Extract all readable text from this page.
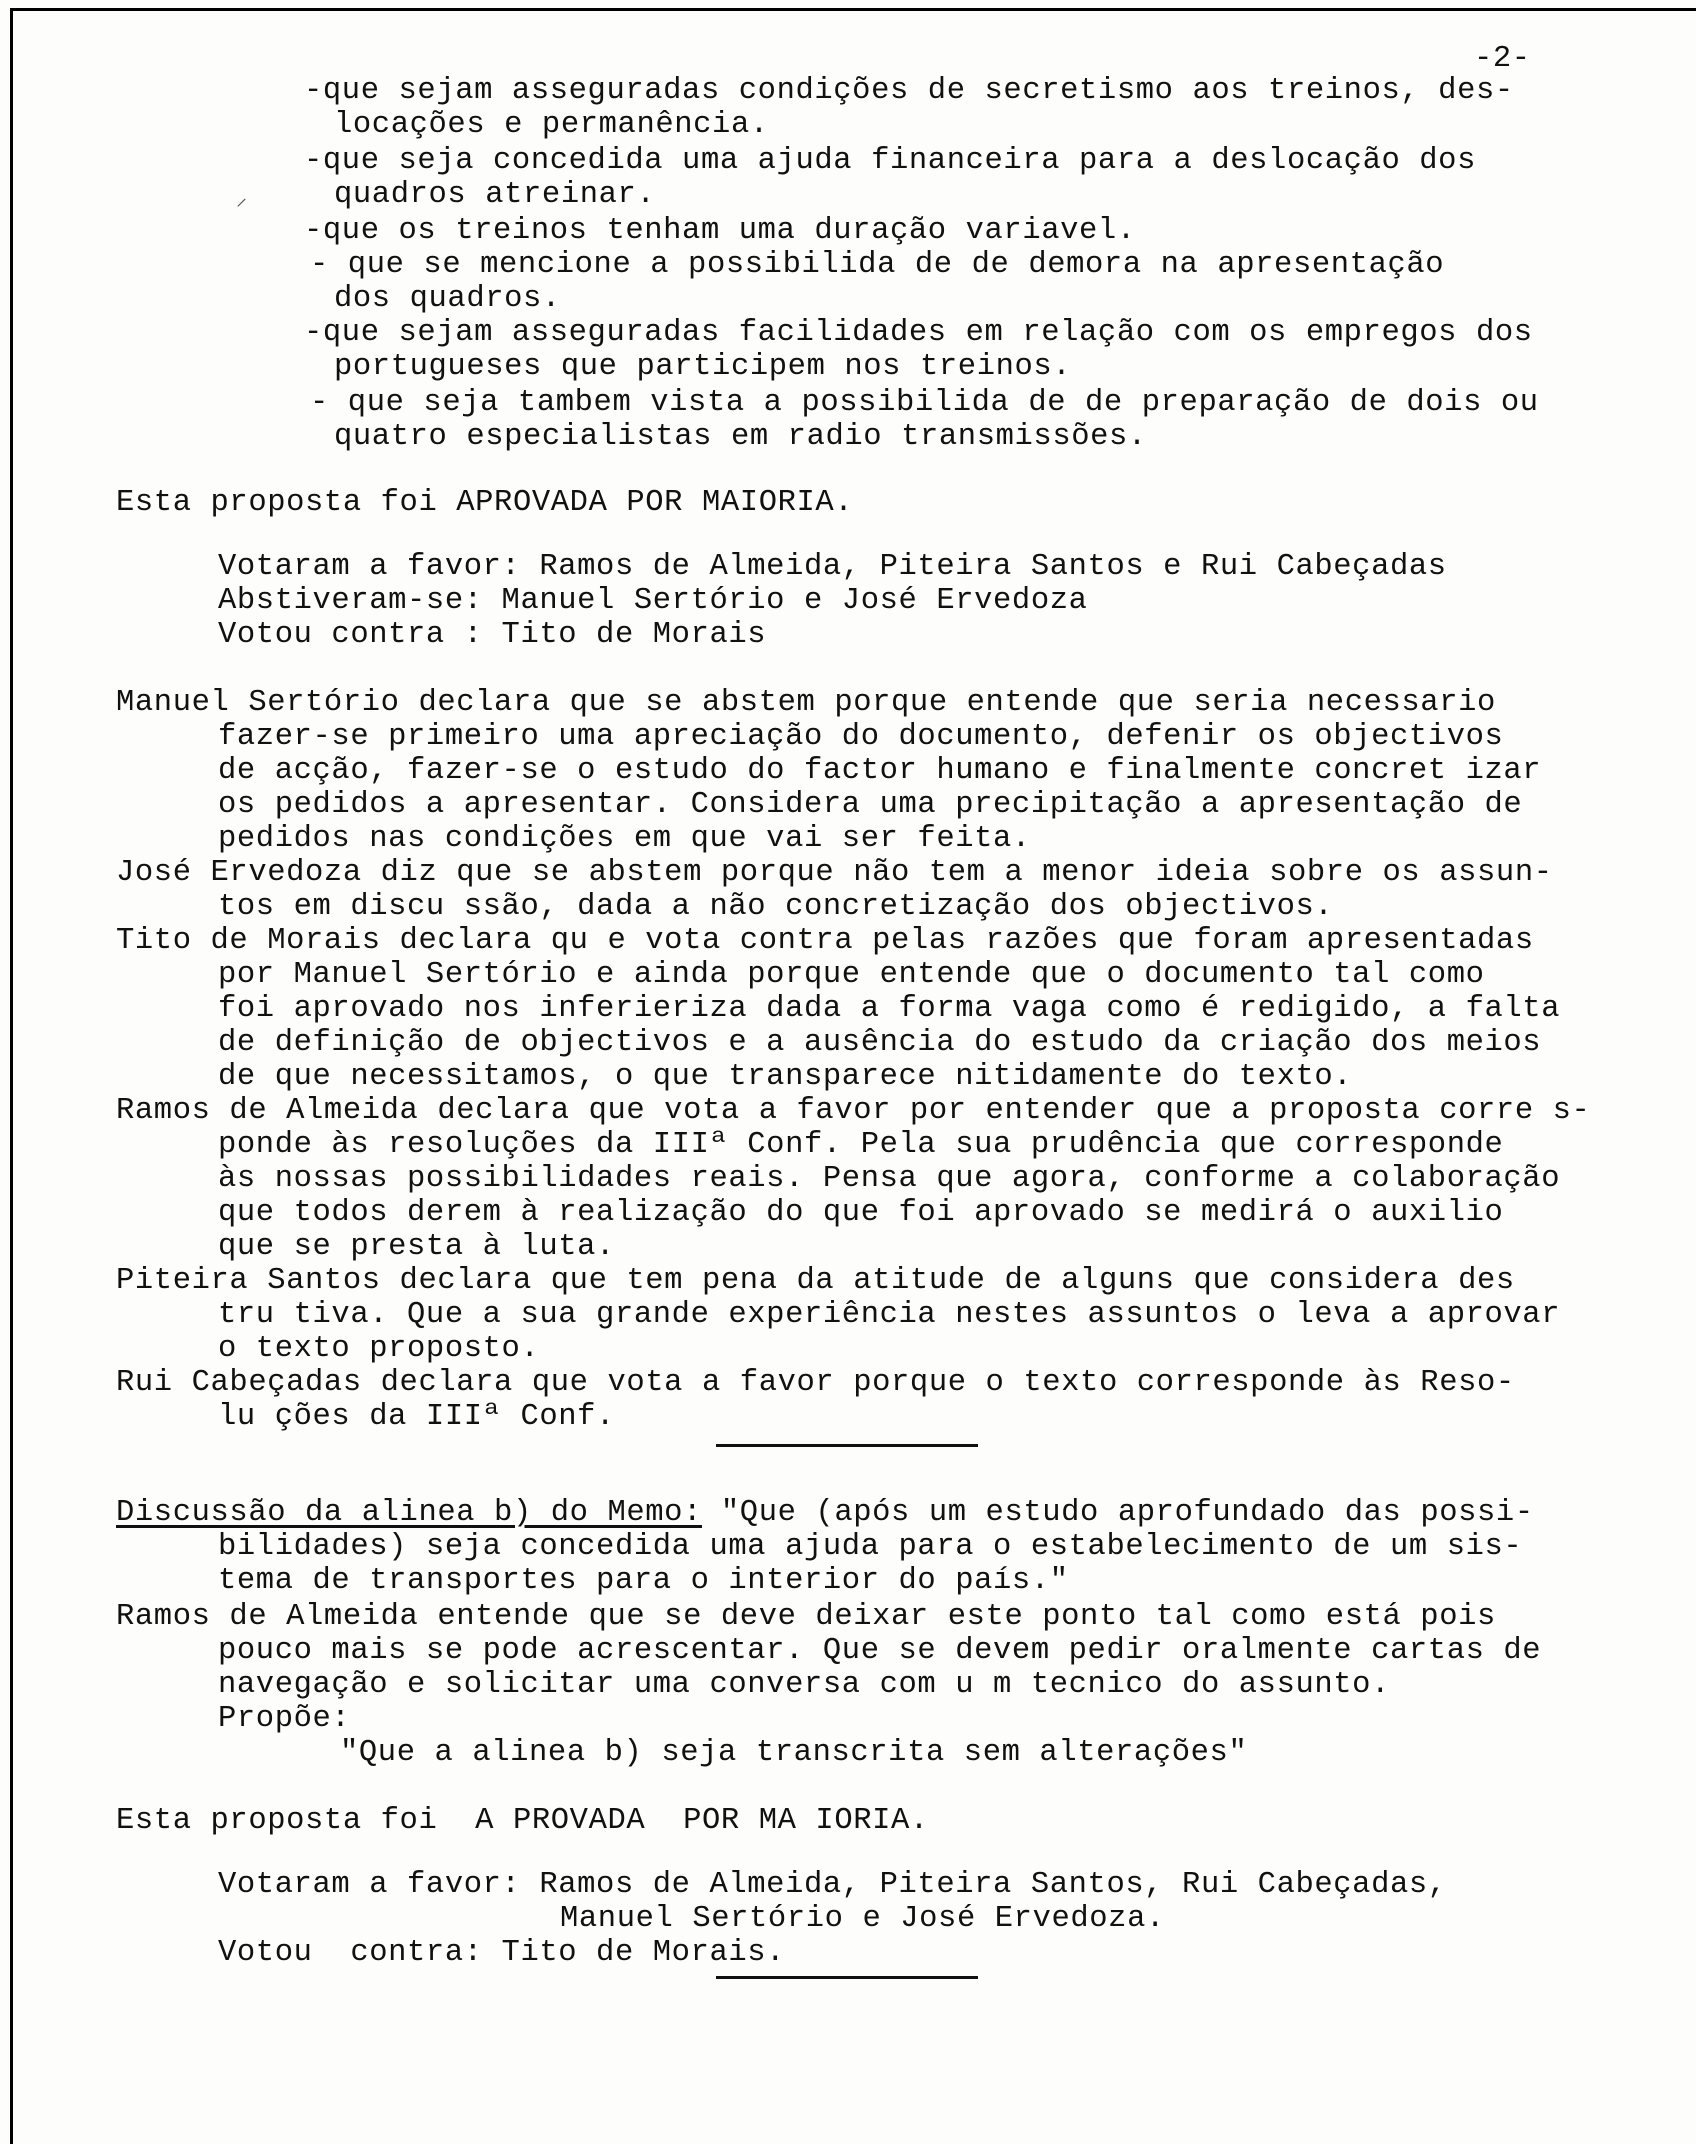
-2-
-que sejam asseguradas condições de secretismo aos treinos, des-
locações e permanência.
-que seja concedida uma ajuda financeira para a deslocação dos
quadros atreinar.
⸝
-que os treinos tenham uma duração variavel.
- que se mencione a possibilida de de demora na apresentação
dos quadros.
-que sejam asseguradas facilidades em relação com os empregos dos
portugueses que participem nos treinos.
- que seja tambem vista a possibilida de de preparação de dois ou
quatro especialistas em radio transmissões.
Esta proposta foi APROVADA POR MAIORIA.
Votaram a favor: Ramos de Almeida, Piteira Santos e Rui Cabeçadas
Abstiveram-se: Manuel Sertório e José Ervedoza
Votou contra : Tito de Morais
Manuel Sertório declara que se abstem porque entende que seria necessario
fazer-se primeiro uma apreciação do documento, defenir os objectivos
de acção, fazer-se o estudo do factor humano e finalmente concret izar
os pedidos a apresentar. Considera uma precipitação a apresentação de
pedidos nas condições em que vai ser feita.
José Ervedoza diz que se abstem porque não tem a menor ideia sobre os assun-
tos em discu ssão, dada a não concretização dos objectivos.
Tito de Morais declara qu e vota contra pelas razões que foram apresentadas
por Manuel Sertório e ainda porque entende que o documento tal como
foi aprovado nos inferieriza dada a forma vaga como é redigido, a falta
de definição de objectivos e a ausência do estudo da criação dos meios
de que necessitamos, o que transparece nitidamente do texto.
Ramos de Almeida declara que vota a favor por entender que a proposta corre s-
ponde às resoluções da IIIª Conf. Pela sua prudência que corresponde
às nossas possibilidades reais. Pensa que agora, conforme a colaboração
que todos derem à realização do que foi aprovado se medirá o auxilio
que se presta à luta.
Piteira Santos declara que tem pena da atitude de alguns que considera des
tru tiva. Que a sua grande experiência nestes assuntos o leva a aprovar
o texto proposto.
Rui Cabeçadas declara que vota a favor porque o texto corresponde às Reso-
lu ções da IIIª Conf.
Discussão da alinea b) do Memo: "Que (após um estudo aprofundado das possi-
bilidades) seja concedida uma ajuda para o estabelecimento de um sis-
tema de transportes para o interior do país."
Ramos de Almeida entende que se deve deixar este ponto tal como está pois
pouco mais se pode acrescentar. Que se devem pedir oralmente cartas de
navegação e solicitar uma conversa com u m tecnico do assunto.
Propõe:
"Que a alinea b) seja transcrita sem alterações"
Esta proposta foi  A PROVADA  POR MA IORIA.
Votaram a favor: Ramos de Almeida, Piteira Santos, Rui Cabeçadas,
Manuel Sertório e José Ervedoza.
Votou  contra: Tito de Morais.
